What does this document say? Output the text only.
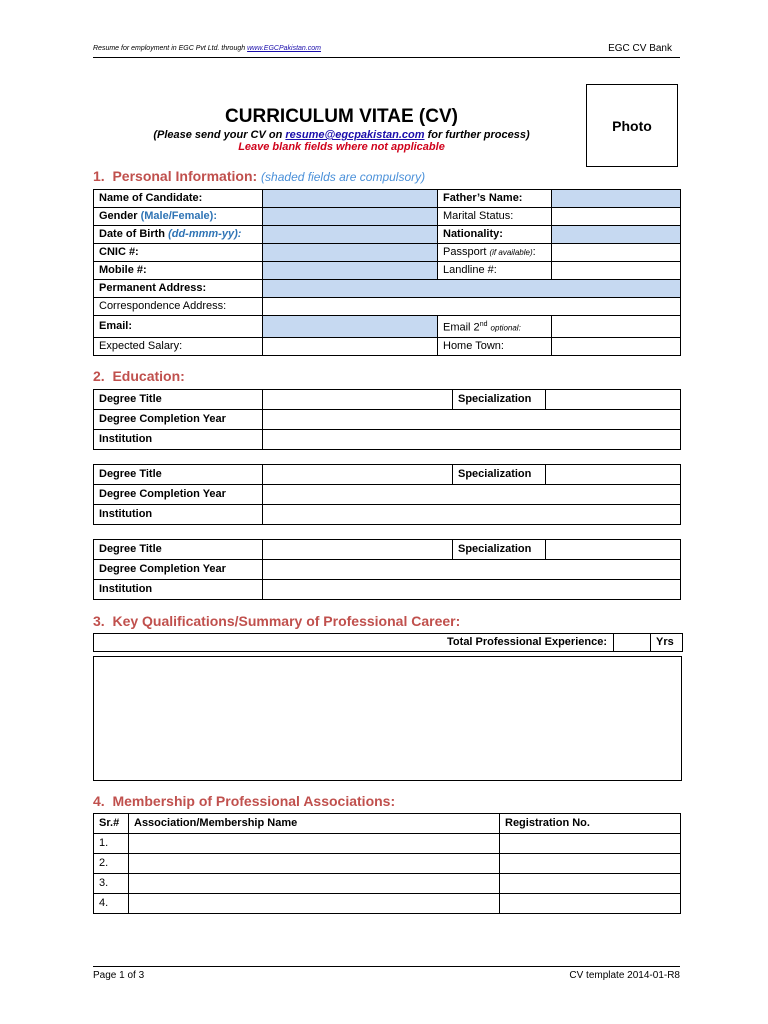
Resume for employment in EGC Pvt Ltd. through www.EGCPakistan.com	EGC CV Bank
CURRICULUM VITAE (CV)
(Please send your CV on resume@egcpakistan.com for further process)
Leave blank fields where not applicable
Photo
1. Personal Information: (shaded fields are compulsory)
Name of Candidate:		Father’s Name:	
Gender (Male/Female):		Marital Status:	
Date of Birth (dd-mmm-yy):		Nationality:	
CNIC #:		Passport (if available):	
Mobile #:		Landline #:	
Permanent Address:			
Correspondence Address:			
Email:		Email 2nd optional:	
Expected Salary:		Home Town:	
2. Education:
Degree Title		Specialization	
Degree Completion Year			
Institution			
Degree Title		Specialization	
Degree Completion Year			
Institution			
Degree Title		Specialization	
Degree Completion Year			
Institution			
3. Key Qualifications/Summary of Professional Career:
Total Professional Experience:		Yrs
4. Membership of Professional Associations:
Sr.#	Association/Membership Name	Registration No.
1.		
2.		
3.		
4.		
Page 1 of 3	CV template 2014-01-R8
